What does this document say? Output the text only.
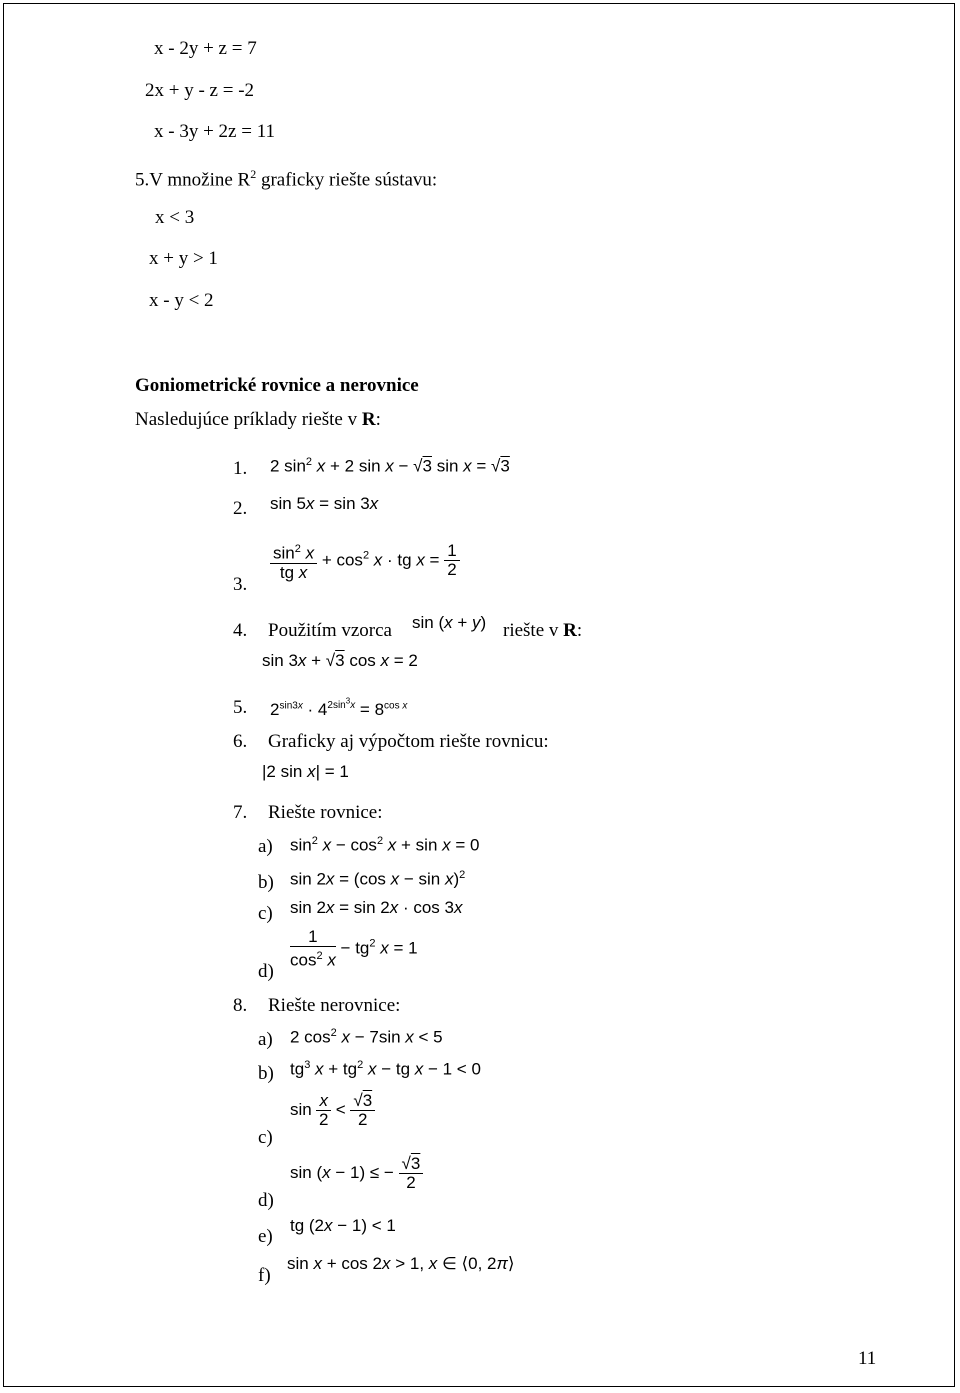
x - 2y + z = 7
2x + y - z = -2
x - 3y + 2z = 11
5.V množine $R^2$ graficky riešte sústavu:
x < 3
x + y > 1
x - y < 2
Goniometrické rovnice a nerovnice
Nasledujúce príklady riešte v R:
1. 2 $\sin^2 x + 2$ sin x − √3 sin x = √3
2. sin 5x = sin 3x
3.
$\frac{\sin^2 x}{\text{tg x}} + \cos^2 x$ · tg $x = \frac{1}{2}$
4. Použitím vzorca sin (x + y) riešte v R:
sin 3x + √3 cos x = 2
5. $2^{sin3x} \cdot 4^{2sin^3x} = 8^{cos x}$
6. Graficky aj výpočtom riešte rovnicu:
|2 sin x| = 1
7. Riešte rovnice:
a) $\sin^2 x - \cos^2 x + \sin x = 0$
b) sin 2x = (cos x − sin x)$^2$
c) sin 2x = sin 2x · cos 3x
d)
$\frac{1}{\cos^2 x} - tg^2$ x = 1
8. Riešte nerovnice:
a) 2 $\cos^2 x - 7\sin$ x < 5
b) $tg^3$ $x + tg^2$ x − tg x − 1 < 0
c)
$\sin \frac{x}{2} < \frac{√3}{2}$
d)
sin (x − 1) ≤ − $\frac{√3}{2}$
e)
tg (2x − 1) < 1
f)
sin x + cos 2x > 1, x ∈ ⟨0, 2π⟩
11
